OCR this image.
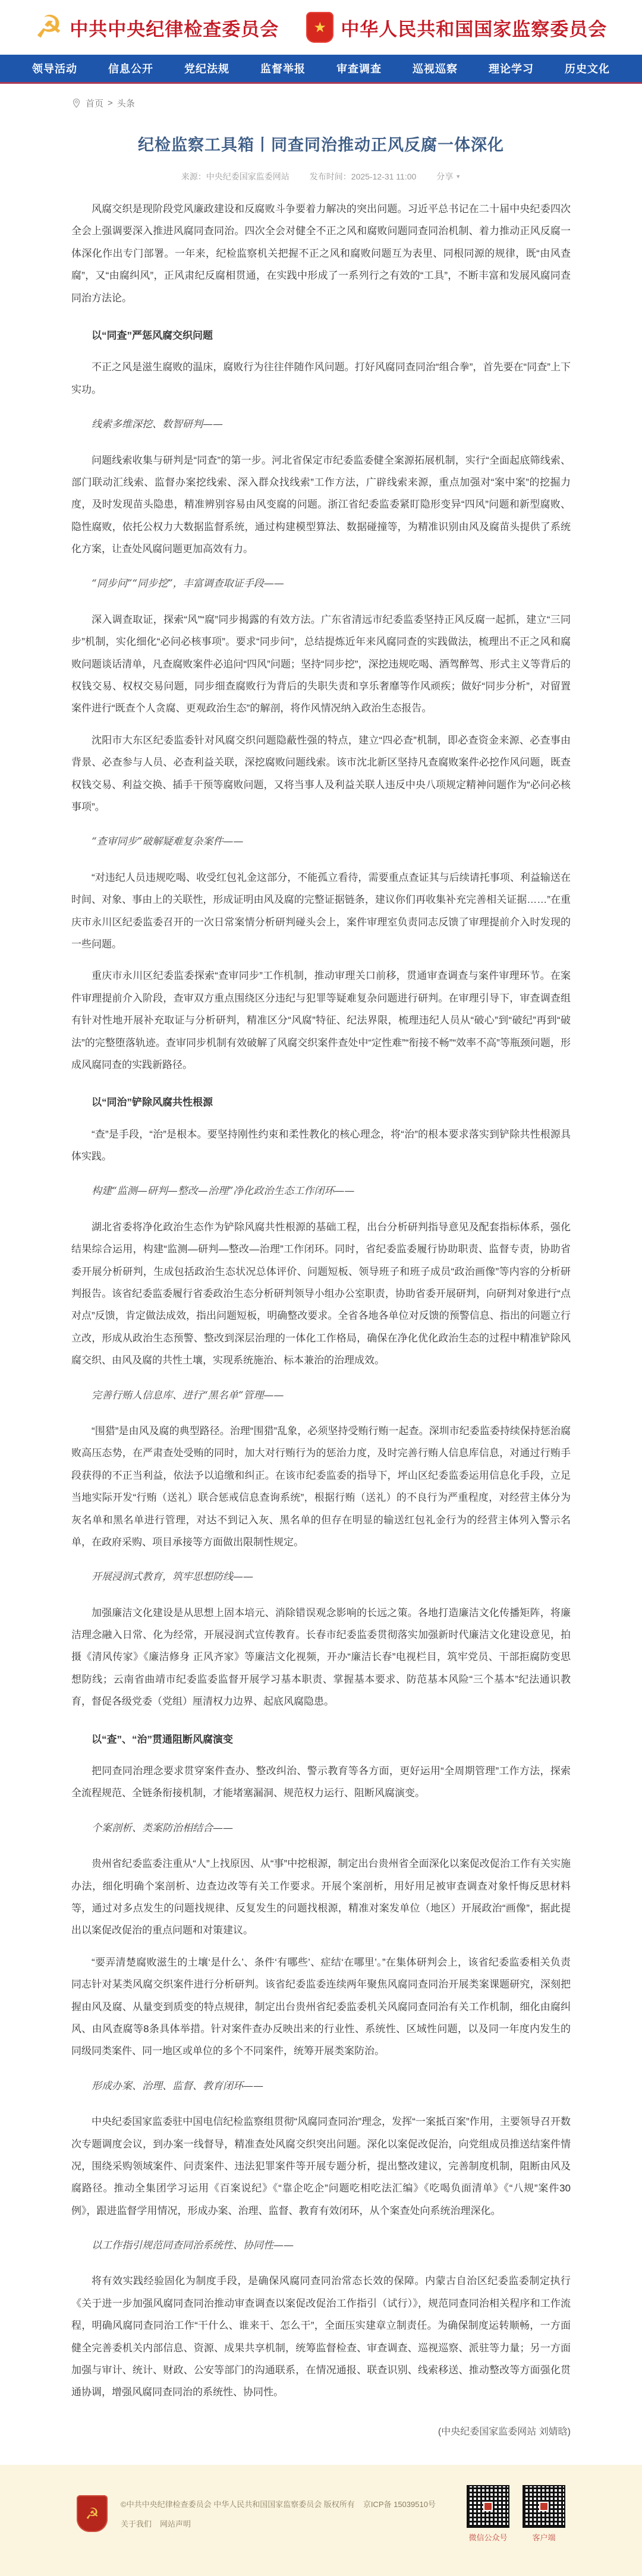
☭ 中共中央纪律检查委员会	★ 中华人民共和国国家监察委员会
领导活动	信息公开	党纪法规	监督举报	审查调查	巡视巡察	理论学习	历史文化
首页 > 头条
纪检监察工具箱丨同查同治推动正风反腐一体深化
来源：中央纪委国家监委网站 发布时间：2025-12-31 11:00 分享 ▼

风腐交织是现阶段党风廉政建设和反腐败斗争要着力解决的突出问题。习近平总书记在二十届中央纪委四次全会上强调要深入推进风腐同查同治。四次全会对健全不正之风和腐败问题同查同治机制、着力推动正风反腐一体深化作出专门部署。一年来，纪检监察机关把握不正之风和腐败问题互为表里、同根同源的规律，既“由风查腐”，又“由腐纠风”，正风肃纪反腐相贯通，在实践中形成了一系列行之有效的“工具”，不断丰富和发展风腐同查同治方法论。

以“同查”严惩风腐交织问题

不正之风是滋生腐败的温床，腐败行为往往伴随作风问题。打好风腐同查同治“组合拳”，首先要在“同查”上下实功。

线索多维深挖、数智研判——

问题线索收集与研判是“同查”的第一步。河北省保定市纪委监委健全案源拓展机制，实行“全面起底筛线索、部门联动汇线索、监督办案挖线索、深入群众找线索”工作方法，广辟线索来源，重点加强对“案中案”的挖掘力度，及时发现苗头隐患，精准辨别容易由风变腐的问题。浙江省纪委监委紧盯隐形变异“四风”问题和新型腐败、隐性腐败，依托公权力大数据监督系统，通过构建模型算法、数据碰撞等，为精准识别由风及腐苗头提供了系统化方案，让查处风腐问题更加高效有力。

“同步问”“同步挖”，丰富调查取证手段——

深入调查取证，探索“风”“腐”同步揭露的有效方法。广东省清远市纪委监委坚持正风反腐一起抓，建立“三同步”机制，实化细化“必问必核事项”。要求“同步问”，总结提炼近年来风腐同查的实践做法，梳理出不正之风和腐败问题谈话清单，凡查腐败案件必追问“四风”问题；坚持“同步挖”，深挖违规吃喝、酒驾醉驾、形式主义等背后的权钱交易、权权交易问题，同步细查腐败行为背后的失职失责和享乐奢靡等作风顽疾；做好“同步分析”，对留置案件进行“既查个人贪腐、更观政治生态”的解剖，将作风情况纳入政治生态报告。

沈阳市大东区纪委监委针对风腐交织问题隐蔽性强的特点，建立“四必查”机制，即必查资金来源、必查事由背景、必查参与人员、必查利益关联，深挖腐败问题线索。该市沈北新区坚持凡查腐败案件必挖作风问题，既查权钱交易、利益交换、插手干预等腐败问题，又将当事人及利益关联人违反中央八项规定精神问题作为“必问必核事项”。

“查审同步”破解疑难复杂案件——

“对违纪人员违规吃喝、收受红包礼金这部分，不能孤立看待，需要重点查证其与后续请托事项、利益输送在时间、对象、事由上的关联性，形成证明由风及腐的完整证据链条，建议你们再收集补充完善相关证据……”在重庆市永川区纪委监委召开的一次日常案情分析研判碰头会上，案件审理室负责同志反馈了审理提前介入时发现的一些问题。

重庆市永川区纪委监委探索“查审同步”工作机制，推动审理关口前移，贯通审查调查与案件审理环节。在案件审理提前介入阶段，查审双方重点围绕区分违纪与犯罪等疑难复杂问题进行研判。在审理引导下，审查调查组有针对性地开展补充取证与分析研判，精准区分“风腐”特征、纪法界限，梳理违纪人员从“破心”到“破纪”再到“破法”的完整堕落轨迹。查审同步机制有效破解了风腐交织案件查处中“定性难”“衔接不畅”“效率不高”等瓶颈问题，形成风腐同查的实践新路径。

以“同治”铲除风腐共性根源

“查”是手段，“治”是根本。要坚持刚性约束和柔性教化的核心理念，将“治”的根本要求落实到铲除共性根源具体实践。

构建“监测—研判—整改—治理”净化政治生态工作闭环——

湖北省委将净化政治生态作为铲除风腐共性根源的基础工程，出台分析研判指导意见及配套指标体系，强化结果综合运用，构建“监测—研判—整改—治理”工作闭环。同时，省纪委监委履行协助职责、监督专责，协助省委开展分析研判，生成包括政治生态状况总体评价、问题短板、领导班子和班子成员“政治画像”等内容的分析研判报告。该省纪委监委履行省委政治生态分析研判领导小组办公室职责，协助省委开展研判，向研判对象进行“点对点”反馈，肯定做法成效，指出问题短板，明确整改要求。全省各地各单位对反馈的预警信息、指出的问题立行立改，形成从政治生态预警、整改到深层治理的一体化工作格局，确保在净化优化政治生态的过程中精准铲除风腐交织、由风及腐的共性土壤，实现系统施治、标本兼治的治理成效。

完善行贿人信息库、进行“黑名单”管理——

“围猎”是由风及腐的典型路径。治理“围猎”乱象，必须坚持受贿行贿一起查。深圳市纪委监委持续保持惩治腐败高压态势，在严肃查处受贿的同时，加大对行贿行为的惩治力度，及时完善行贿人信息库信息，对通过行贿手段获得的不正当利益，依法予以追缴和纠正。在该市纪委监委的指导下，坪山区纪委监委运用信息化手段，立足当地实际开发“行贿（送礼）联合惩戒信息查询系统”，根据行贿（送礼）的不良行为严重程度，对经营主体分为灰名单和黑名单进行管理，对达不到记入灰、黑名单的但存在明显的输送红包礼金行为的经营主体列入警示名单，在政府采购、项目承接等方面做出限制性规定。

开展浸润式教育，筑牢思想防线——

加强廉洁文化建设是从思想上固本培元、消除错误观念影响的长远之策。各地打造廉洁文化传播矩阵，将廉洁理念融入日常、化为经常，开展浸润式宣传教育。长春市纪委监委贯彻落实加强新时代廉洁文化建设意见，拍摄《清风传家》《廉洁修身 正风齐家》等廉洁文化视频，开办“廉洁长春”电视栏目，筑牢党员、干部拒腐防变思想防线；云南省曲靖市纪委监委监督开展学习基本职责、掌握基本要求、防范基本风险“三个基本”纪法通识教育，督促各级党委（党组）厘清权力边界、起底风腐隐患。

以“查”、“治”贯通阻断风腐演变

把同查同治理念要求贯穿案件查办、整改纠治、警示教育等各方面，更好运用“全周期管理”工作方法，探索全流程规范、全链条衔接机制，才能堵塞漏洞、规范权力运行、阻断风腐演变。

个案剖析、类案防治相结合——

贵州省纪委监委注重从“人”上找原因、从“事”中挖根源，制定出台贵州省全面深化以案促改促治工作有关实施办法，细化明确个案剖析、边查边改等有关工作要求。开展个案剖析，用好用足被审查调查对象忏悔反思材料等，通过对多点发生的问题找规律、反复发生的问题找根源，精准对案发单位（地区）开展政治“画像”，据此提出以案促改促治的重点问题和对策建议。

“要弄清楚腐败滋生的土壤‘是什么’、条件‘有哪些’、症结‘在哪里’。”在集体研判会上，该省纪委监委相关负责同志针对某类风腐交织案件进行分析研判。该省纪委监委连续两年聚焦风腐同查同治开展类案课题研究，深刻把握由风及腐、从量变到质变的特点规律，制定出台贵州省纪委监委机关风腐同查同治有关工作机制，细化由腐纠风、由风查腐等8条具体举措。针对案件查办反映出来的行业性、系统性、区域性问题，以及同一年度内发生的同级同类案件、同一地区或单位的多个不同案件，统筹开展类案防治。

形成办案、治理、监督、教育闭环——

中央纪委国家监委驻中国电信纪检监察组贯彻“风腐同查同治”理念，发挥“一案抵百案”作用，主要领导召开数次专题调度会议，到办案一线督导，精准查处风腐交织突出问题。深化以案促改促治，向党组成员推送结案件情况，围绕采购领域案件、问责案件、违法犯罪案件等开展专题分析，提出整改建议，完善制度机制，阻断由风及腐路径。推动全集团学习运用《百案说纪》《“靠企吃企”问题吃相吃法汇编》《吃喝负面清单》《“八规”案件30例》，跟进监督学用情况，形成办案、治理、监督、教育有效闭环，从个案查处向系统治理深化。

以工作指引规范同查同治系统性、协同性——

将有效实践经验固化为制度手段，是确保风腐同查同治常态长效的保障。内蒙古自治区纪委监委制定执行《关于进一步加强风腐同查同治推动审查调查以案促改促治工作指引（试行）》，规范同查同治相关程序和工作流程，明确风腐同查同治工作“干什么、谁来干、怎么干”，全面压实建章立制责任。为确保制度运转顺畅，一方面健全完善委机关内部信息、资源、成果共享机制，统筹监督检查、审查调查、巡视巡察、派驻等力量；另一方面加强与审计、统计、财政、公安等部门的沟通联系，在情况通报、联查识别、线索移送、推动整改等方面强化贯通协调，增强风腐同查同治的系统性、协同性。

(中央纪委国家监委网站 刘婧晗)
☭	©中共中央纪律检查委员会 中华人民共和国国家监察委员会 版权所有 京ICP备 15039510号
关于我们 网站声明
微信公众号	客户端
